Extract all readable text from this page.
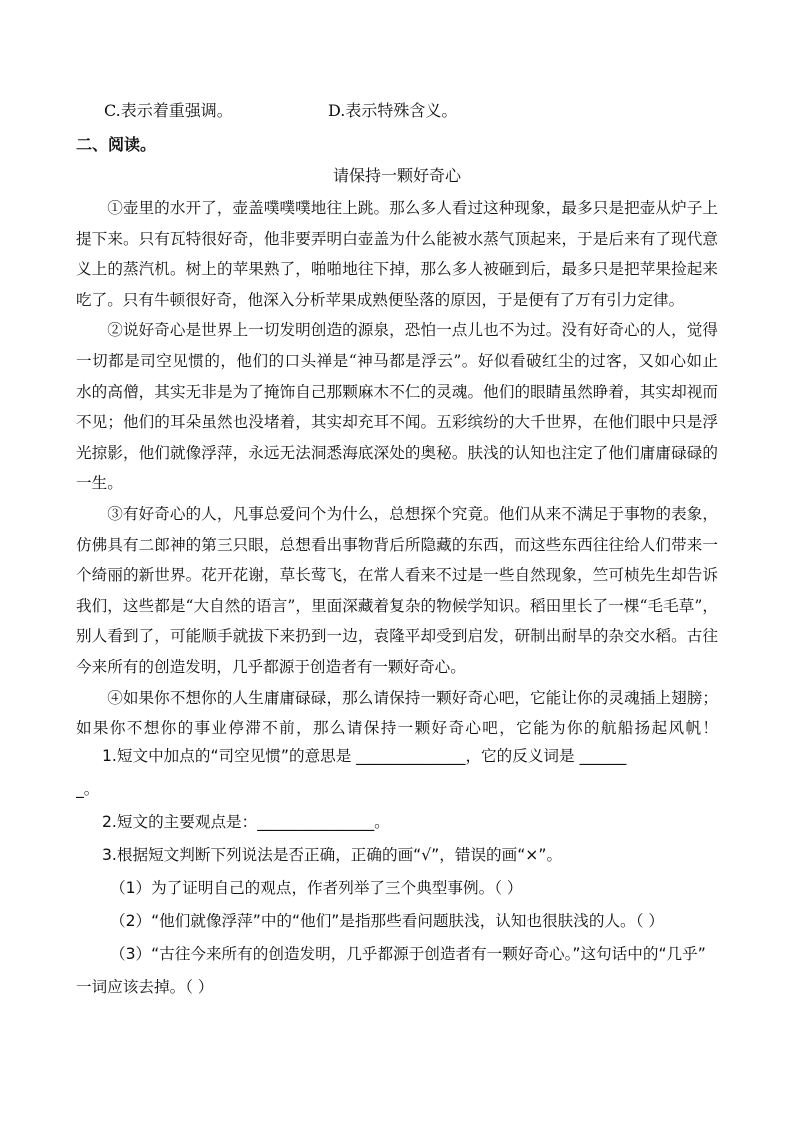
C.表示着重强调。	D.表示特殊含义。
二、阅读。
请保持一颗好奇心
①壶里的水开了，壶盖噗噗噗地往上跳。那么多人看过这种现象，最多只是把壶从炉子上
提下来。只有瓦特很好奇，他非要弄明白壶盖为什么能被水蒸气顶起来，于是后来有了现代意
义上的蒸汽机。树上的苹果熟了，啪啪地往下掉，那么多人被砸到后，最多只是把苹果捡起来
吃了。只有牛顿很好奇，他深入分析苹果成熟便坠落的原因，于是便有了万有引力定律。
②说好奇心是世界上一切发明创造的源泉，恐怕一点儿也不为过。没有好奇心的人，觉得
一切都是司空见惯的，他们的口头禅是“神马都是浮云”。好似看破红尘的过客，又如心如止
水的高僧，其实无非是为了掩饰自己那颗麻木不仁的灵魂。他们的眼睛虽然睁着，其实却视而
不见；他们的耳朵虽然也没堵着，其实却充耳不闻。五彩缤纷的大千世界，在他们眼中只是浮
光掠影，他们就像浮萍，永远无法洞悉海底深处的奥秘。肤浅的认知也注定了他们庸庸碌碌的
一生。
③有好奇心的人，凡事总爱问个为什么，总想探个究竟。他们从来不满足于事物的表象，
仿佛具有二郎神的第三只眼，总想看出事物背后所隐藏的东西，而这些东西往往给人们带来一
个绮丽的新世界。花开花谢，草长莺飞，在常人看来不过是一些自然现象，竺可桢先生却告诉
我们，这些都是“大自然的语言”，里面深藏着复杂的物候学知识。稻田里长了一棵“毛毛草”，
别人看到了，可能顺手就拔下来扔到一边，袁隆平却受到启发，研制出耐旱的杂交水稻。古往
今来所有的创造发明，几乎都源于创造者有一颗好奇心。
④如果你不想你的人生庸庸碌碌，那么请保持一颗好奇心吧，它能让你的灵魂插上翅膀；
如果你不想你的事业停滞不前，那么请保持一颗好奇心吧，它能为你的航船扬起风帆！
1.短文中加点的“司空见惯”的意思是 ______________，它的反义词是 ______
_。
2.短文的主要观点是：_______________。
3.根据短文判断下列说法是否正确，正确的画“√”，错误的画“×”。
（1）为了证明自己的观点，作者列举了三个典型事例。（ ）
（2）“他们就像浮萍”中的“他们”是指那些看问题肤浅，认知也很肤浅的人。（ ）
（3）“古往今来所有的创造发明，几乎都源于创造者有一颗好奇心。”这句话中的“几乎”
一词应该去掉。（ ）
